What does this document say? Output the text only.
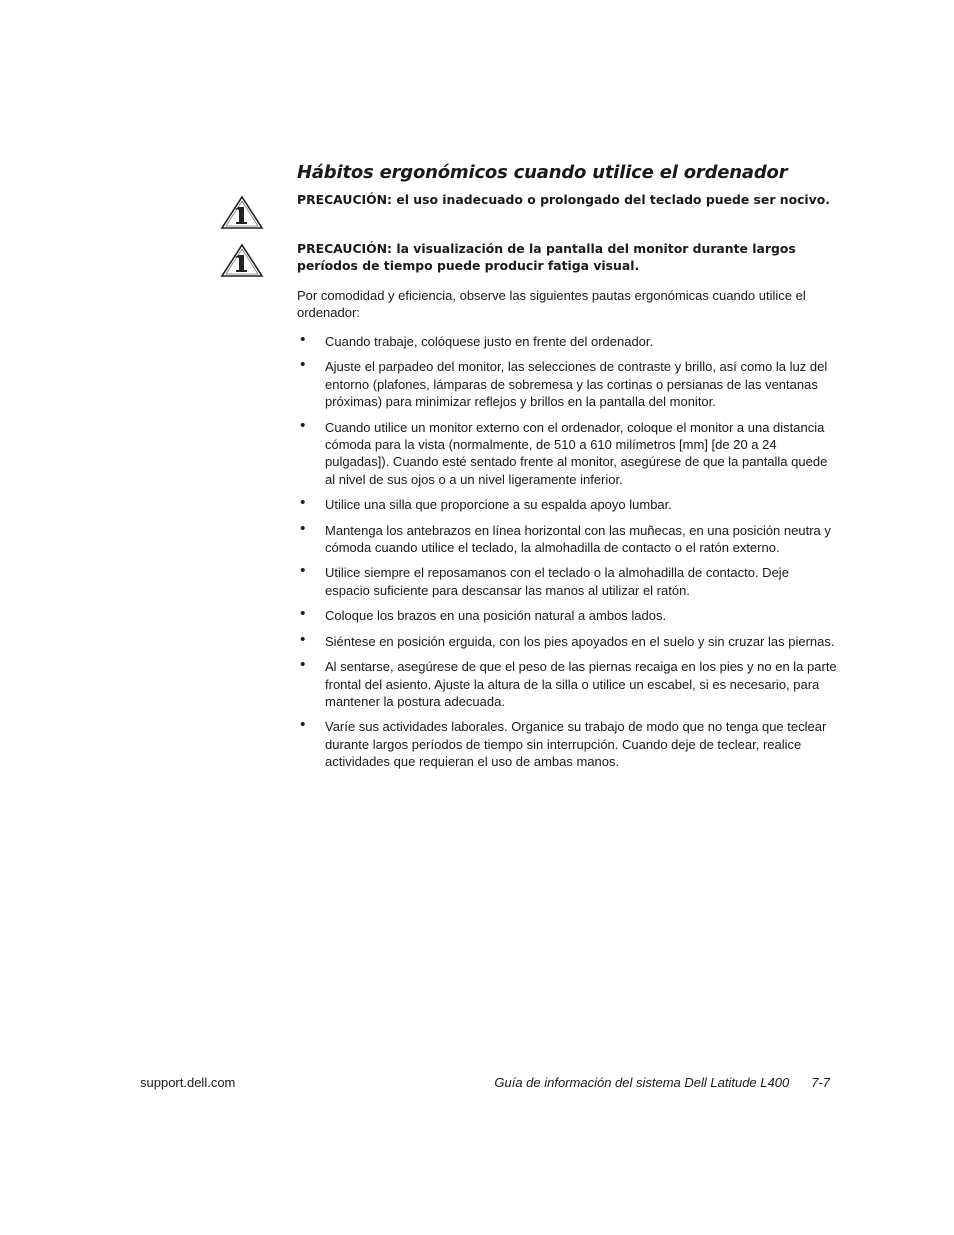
Hábitos ergonómicos cuando utilice el ordenador
PRECAUCIÓN: el uso inadecuado o prolongado del teclado puede ser nocivo.
PRECAUCIÓN: la visualización de la pantalla del monitor durante largos períodos de tiempo puede producir fatiga visual.
Por comodidad y eficiencia, observe las siguientes pautas ergonómicas cuando utilice el ordenador:
• Cuando trabaje, colóquese justo en frente del ordenador.
• Ajuste el parpadeo del monitor, las selecciones de contraste y brillo, así como la luz del entorno (plafones, lámparas de sobremesa y las cortinas o persianas de las ventanas próximas) para minimizar reflejos y brillos en la pantalla del monitor.
• Cuando utilice un monitor externo con el ordenador, coloque el monitor a una distancia cómoda para la vista (normalmente, de 510 a 610 milímetros [mm] [de 20 a 24 pulgadas]). Cuando esté sentado frente al monitor, asegúrese de que la pantalla quede al nivel de sus ojos o a un nivel ligeramente inferior.
• Utilice una silla que proporcione a su espalda apoyo lumbar.
• Mantenga los antebrazos en línea horizontal con las muñecas, en una posición neutra y cómoda cuando utilice el teclado, la almohadilla de contacto o el ratón externo.
• Utilice siempre el reposamanos con el teclado o la almohadilla de contacto. Deje espacio suficiente para descansar las manos al utilizar el ratón.
• Coloque los brazos en una posición natural a ambos lados.
• Siéntese en posición erguida, con los pies apoyados en el suelo y sin cruzar las piernas.
• Al sentarse, asegúrese de que el peso de las piernas recaiga en los pies y no en la parte frontal del asiento. Ajuste la altura de la silla o utilice un escabel, si es necesario, para mantener la postura adecuada.
• Varíe sus actividades laborales. Organice su trabajo de modo que no tenga que teclear durante largos períodos de tiempo sin interrupción. Cuando deje de teclear, realice actividades que requieran el uso de ambas manos.
support.dell.com	Guía de información del sistema Dell Latitude L400 7-7
